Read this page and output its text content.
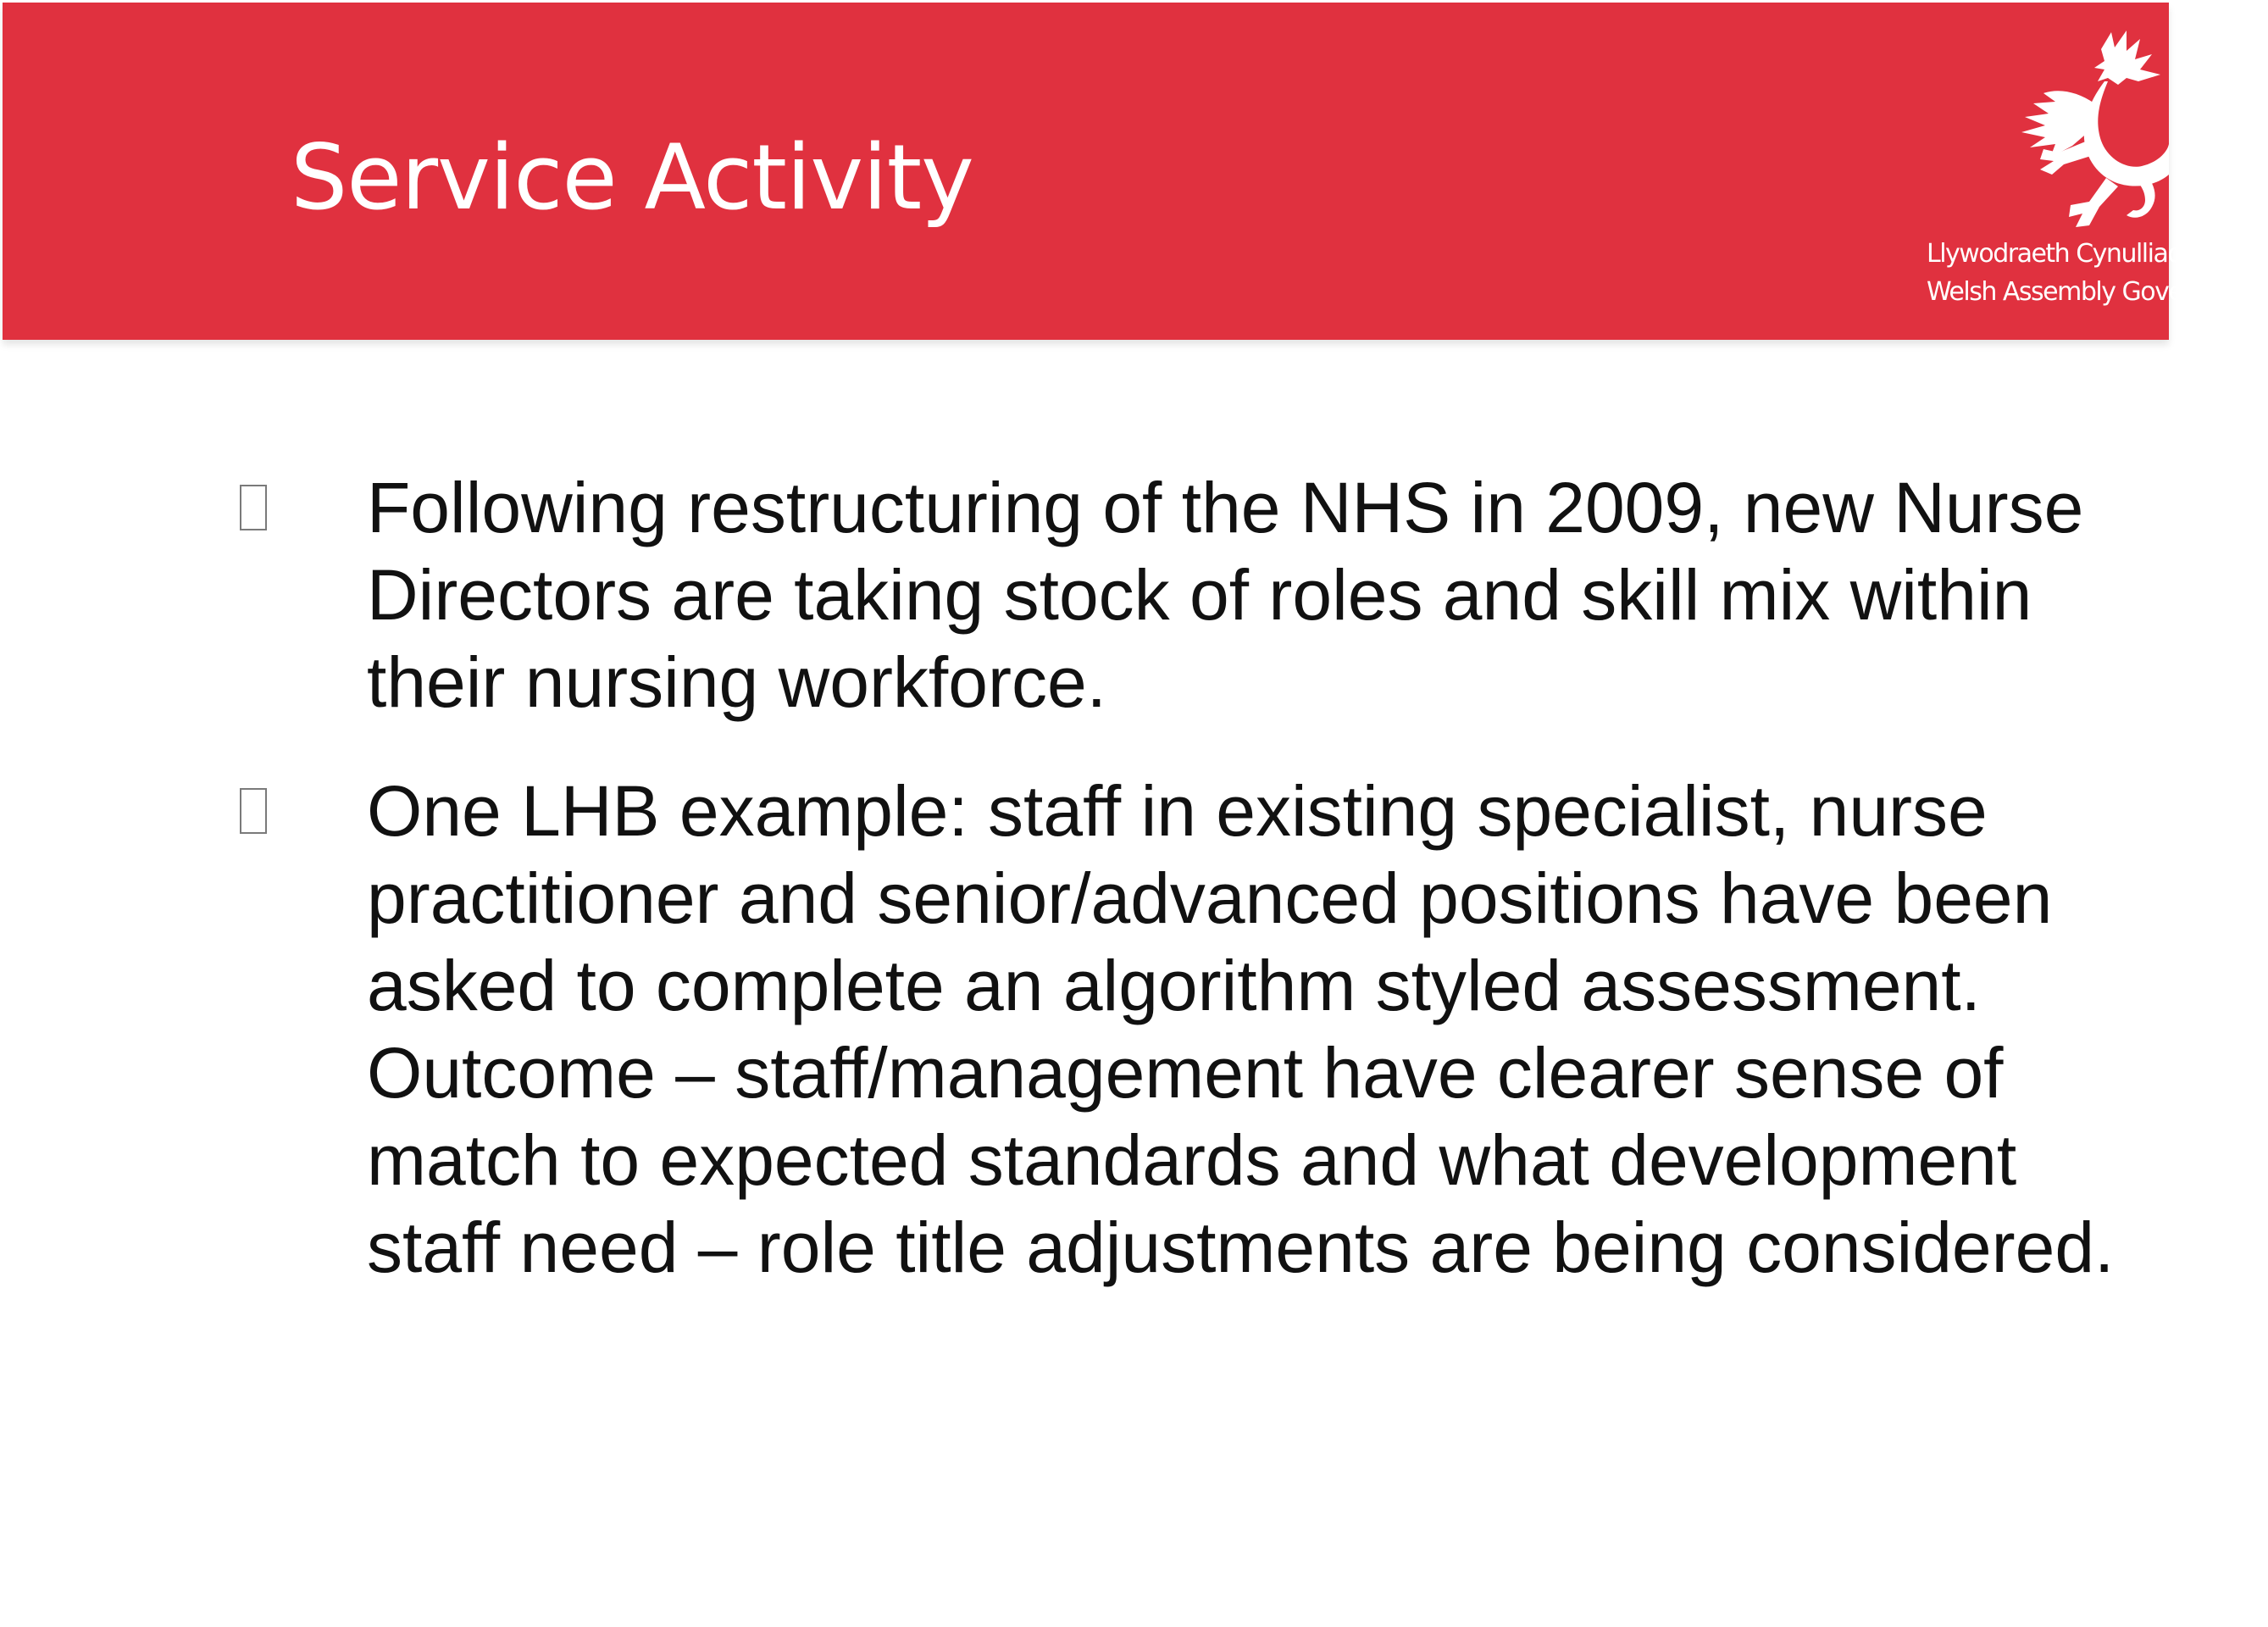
Service Activity
Llywodraeth Cynulliad Cymru
Welsh Assembly Government

Following restructuring of the NHS in 2009, new Nurse Directors are taking stock of roles and skill mix within their nursing workforce.

One LHB example: staff in existing specialist, nurse practitioner and senior/advanced positions have been asked to complete an algorithm styled assessment. Outcome – staff/management have clearer sense of match to expected standards and what development staff need – role title adjustments are being considered.
